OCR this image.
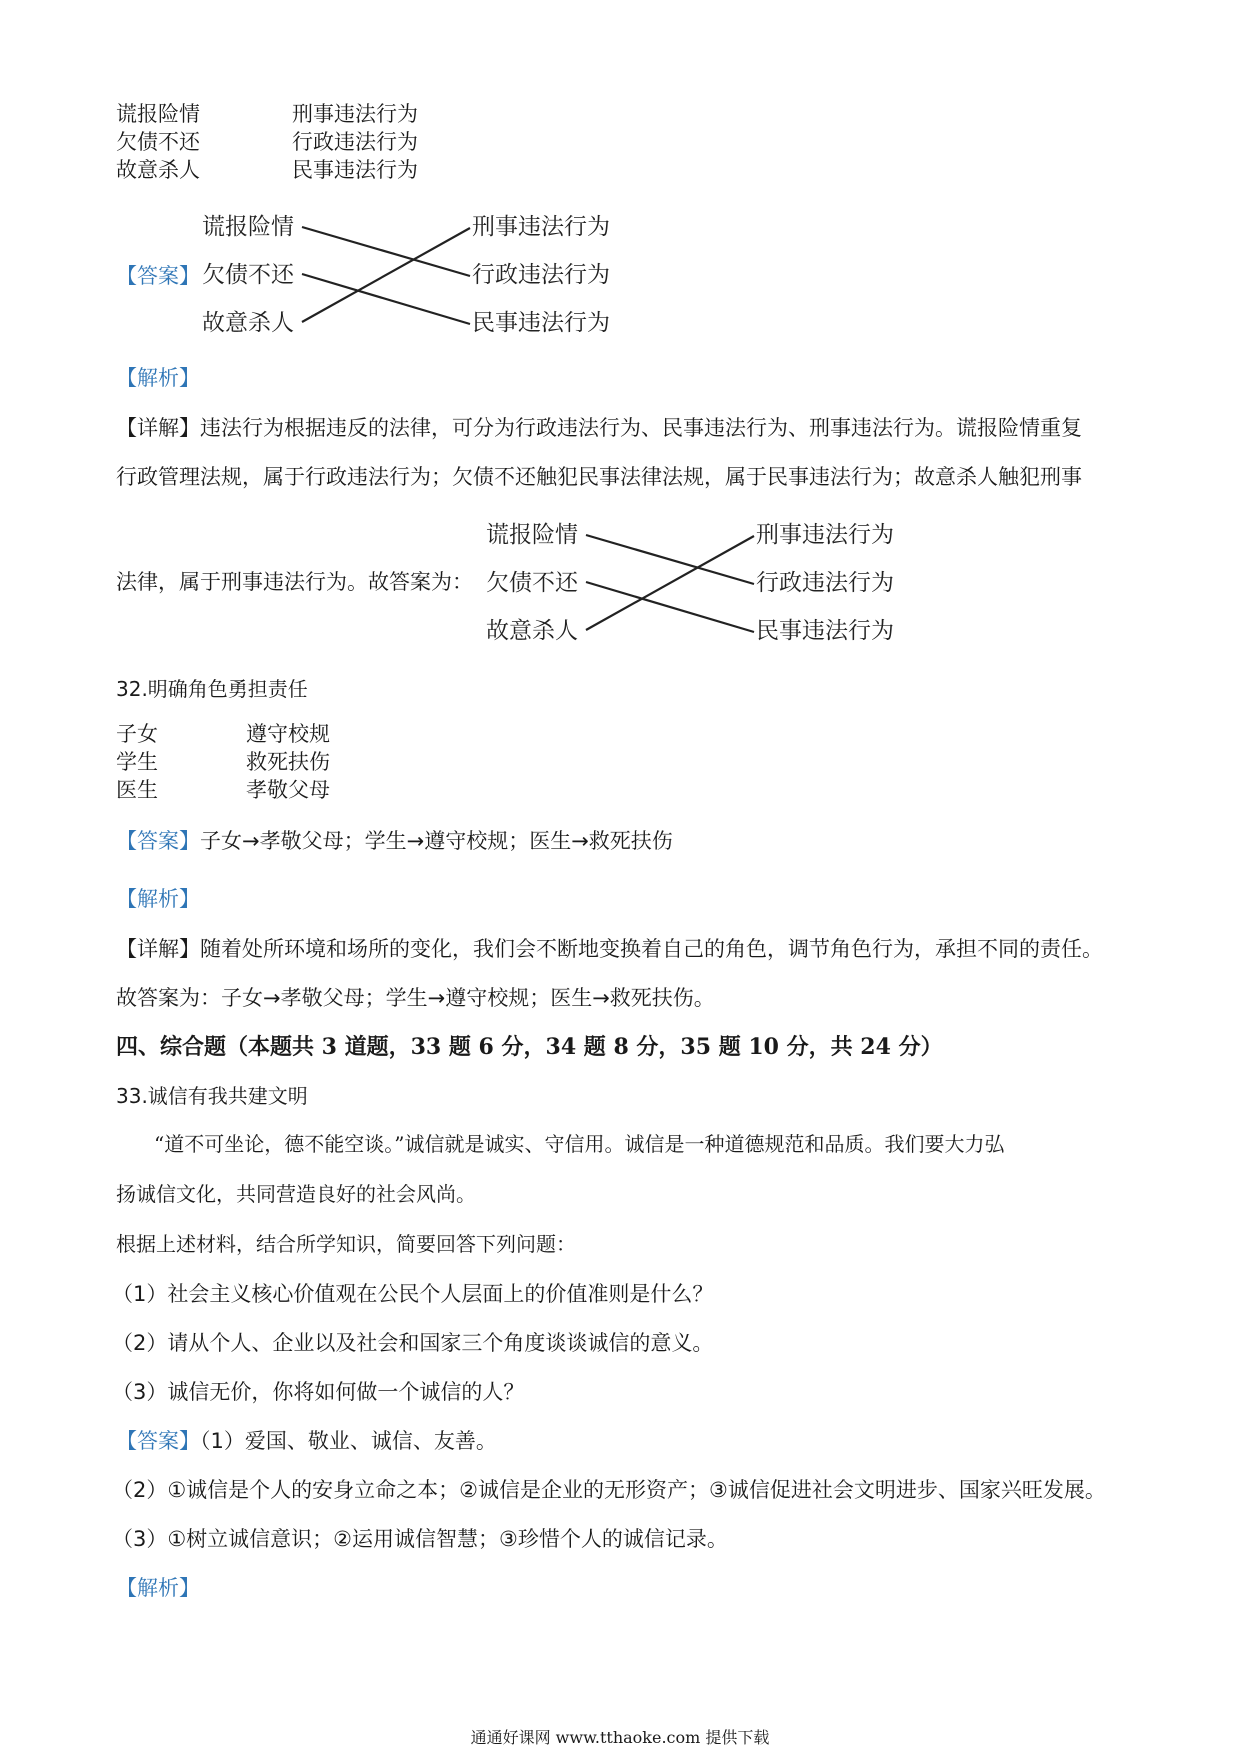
谎报险情
欠债不还
故意杀人
刑事违法行为
行政违法行为
民事违法行为
【答案】
谎报险情
欠债不还
故意杀人
刑事违法行为
行政违法行为
民事违法行为
【解析】
【详解】违法行为根据违反的法律，可分为行政违法行为、民事违法行为、刑事违法行为。谎报险情重复
行政管理法规，属于行政违法行为；欠债不还触犯民事法律法规，属于民事违法行为；故意杀人触犯刑事
法律，属于刑事违法行为。故答案为：
谎报险情
欠债不还
故意杀人
刑事违法行为
行政违法行为
民事违法行为
32.明确角色勇担责任
子女
学生
医生
遵守校规
救死扶伤
孝敬父母
【答案】子女→孝敬父母；学生→遵守校规；医生→救死扶伤
【解析】
【详解】随着处所环境和场所的变化，我们会不断地变换着自己的角色，调节角色行为，承担不同的责任。
故答案为：子女→孝敬父母；学生→遵守校规；医生→救死扶伤。
四、综合题（本题共 3 道题，33 题 6 分，34 题 8 分，35 题 10 分，共 24 分）
33.诚信有我共建文明
“道不可坐论，德不能空谈。”诚信就是诚实、守信用。诚信是一种道德规范和品质。我们要大力弘
扬诚信文化，共同营造良好的社会风尚。
根据上述材料，结合所学知识，简要回答下列问题：
（1）社会主义核心价值观在公民个人层面上的价值准则是什么？
（2）请从个人、企业以及社会和国家三个角度谈谈诚信的意义。
（3）诚信无价，你将如何做一个诚信的人？
【答案】（1）爱国、敬业、诚信、友善。
（2）①诚信是个人的安身立命之本；②诚信是企业的无形资产；③诚信促进社会文明进步、国家兴旺发展。
（3）①树立诚信意识；②运用诚信智慧；③珍惜个人的诚信记录。
【解析】
通通好课网 www.tthaoke.com 提供下载
